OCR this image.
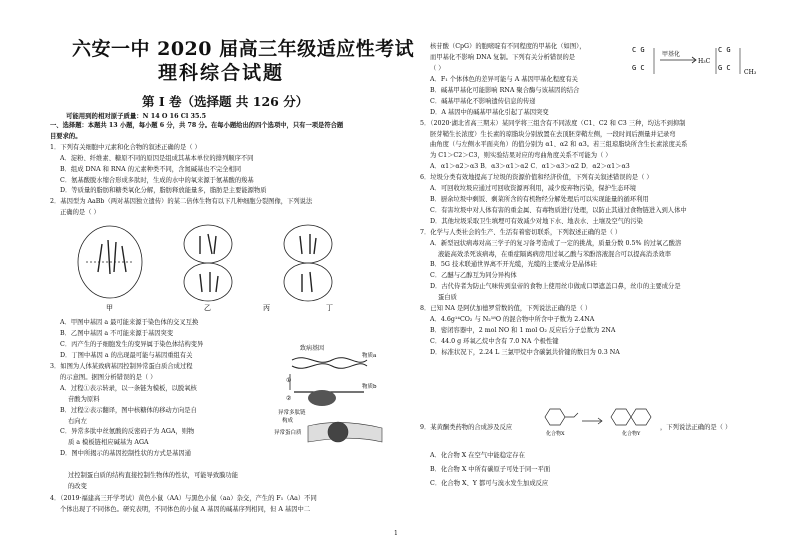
六安一中 2020 届高三年级适应性考试
理科综合试题
第 I 卷（选择题 共 126 分）
可能用到的相对原子质量：N 14 O 16 Cl 35.5
一、选择题：本题共 13 小题，每小题 6 分，共 78 分。在每小题给出的四个选项中，只有一项是符合题
目要求的。
1．下列有关细胞中元素和化合物的叙述正确的是（ ）
A．淀粉、纤维素、糖原不同的原因是组成其基本单位的排列顺序不同
B．组成 DNA 和 RNA 的元素种类不同，含氮碱基也不完全相同
C．氨基酸脱水缩合形成多肽时，生成的水中的氧来源于氨基酸的羧基
D．等质量的脂肪和糖类氧化分解，脂肪释放能量多，脂肪是主要能源物质
2．基因型为 AaBb（两对基因独立遗传）的某二倍体生物有以下几种细胞分裂图像，下列说法
正确的是（ ）
甲	乙	丙	丁
A．甲图中基因 a 最可能来源于染色体的交叉互换
B．乙图中基因 a 不可能来源于基因突变
C．丙产生的子细胞发生的变异属于染色体结构变异
D．丁图中基因 a 的出现最可能与基因重组有关
3．如图为人体某致病基因控制异常蛋白质合成过程
的示意图。据图分析错误的是（ ）
A．过程①表示转录，以一条链为模板，以脱氧核
苷酸为原料
B．过程②表示翻译，图中核糖体的移动方向是自
右向左
C．异常多肽中丝氨酸的反密码子为 AGA，则物
质 a 模板链相应碱基为 AGA
D．图中所揭示的基因控制性状的方式是基因通
过控制蛋白质的结构直接控制生物体的性状，可能导致膜功能
的改变
致病基因
物质a
①
物质b
②
异常多肽链
构成
异常蛋白质
4．（2019·福建高三开学考试）黄色小鼠（AA）与黑色小鼠（aa）杂交，产生的 F₁（Aa）不同
个体出现了不同体色。研究表明，不同体色的小鼠 A 基因的碱基序列相同，但 A 基因中二
核苷酸（CpG）的胞嘧啶有不同程度的甲基化（如图），
而甲基化不影响 DNA 复制。下列有关分析错误的是
（ ）
C G
G C
C G
G C
甲基化
H₃C
CH₃
A．F₁ 个体体色的差异可能与 A 基因甲基化程度有关
B．碱基甲基化可能影响 RNA 聚合酶与该基因的结合
C．碱基甲基化不影响遗传信息的传递
D．A 基因中的碱基甲基化引起了基因突变
5．（2020·湖北省高三期末）某同学将三组含有不同浓度（C1、C2 和 C3 三种，均达不到抑制
胚芽鞘生长浓度）生长素的琼脂块分别放置在去顶胚芽鞘左侧，一段时间后测量并记录弯
曲角度（与左侧水平面夹角）的值分别为 α1、α2 和 α3。若三组琼脂块所含生长素浓度关系
为 C1＞C2＞C3，则实验结果对应的弯曲角度关系不可能为（ ）
A．α1＞α2＞α3 B．α3＞α1＞α2 C．α1＞α3＞α2 D．α2＞α1＞α3
6．垃圾分类有效地提高了垃圾的资源价值和经济价值，下列有关叙述错误的是（ ）
A．可回收垃圾应通过可回收资源再利用，减少废弃物污染，保护生态环境
B．厨余垃圾中剩饭、剩菜所含的有机物经分解处理后可以实现能量的循环利用
C．有害垃圾中对人体有害的重金属、有毒物质进行处理，以防止其通过食物链进入到人体中
D．其他垃圾采取卫生填埋可有效减少对地下水、地表水、土壤及空气的污染
7．化学与人类社会的生产、生活有着密切联系，下列叙述正确的是（ ）
A．新型冠状病毒对高三学子的复习备考造成了一定的挑战，质量分数 0.5% 的过氧乙酸溶
液能高效杀死该病毒，在重症隔离病房用过氧乙酸与苯酚溶液混合可以提高消杀效率
B．5G 技术联通世界离不开光缆，光缆的主要成分是晶体硅
C．乙醚与乙醇互为同分异构体
D．古代侍者为防止气味传到皇帝的食物上使用丝巾做成口罩遮盖口鼻，丝巾的主要成分是
蛋白质
8．已知 NA 是阿伏加德罗常数的值，下列说法正确的是（ ）
A．4.6g¹⁴CO₂ 与 N₂¹⁸O 的混合物中所含中子数为 2.4NA
B．密闭容器中，2 mol NO 和 1 mol O₂ 反应后分子总数为 2NA
C．44.0 g 环氧乙烷中含有 7.0 NA 个极性键
D．标准状况下，2.24 L 三氯甲烷中含碳氯共价键的数目为 0.3 NA
9．某黄酮类药物的合成涉及反应
化合物X	化合物Y
，下列说法正确的是（ ）
A．化合物 X 在空气中能稳定存在
B．化合物 X 中所有碳原子可处于同一平面
C．化合物 X、Y 都可与溴水发生加成反应
1
